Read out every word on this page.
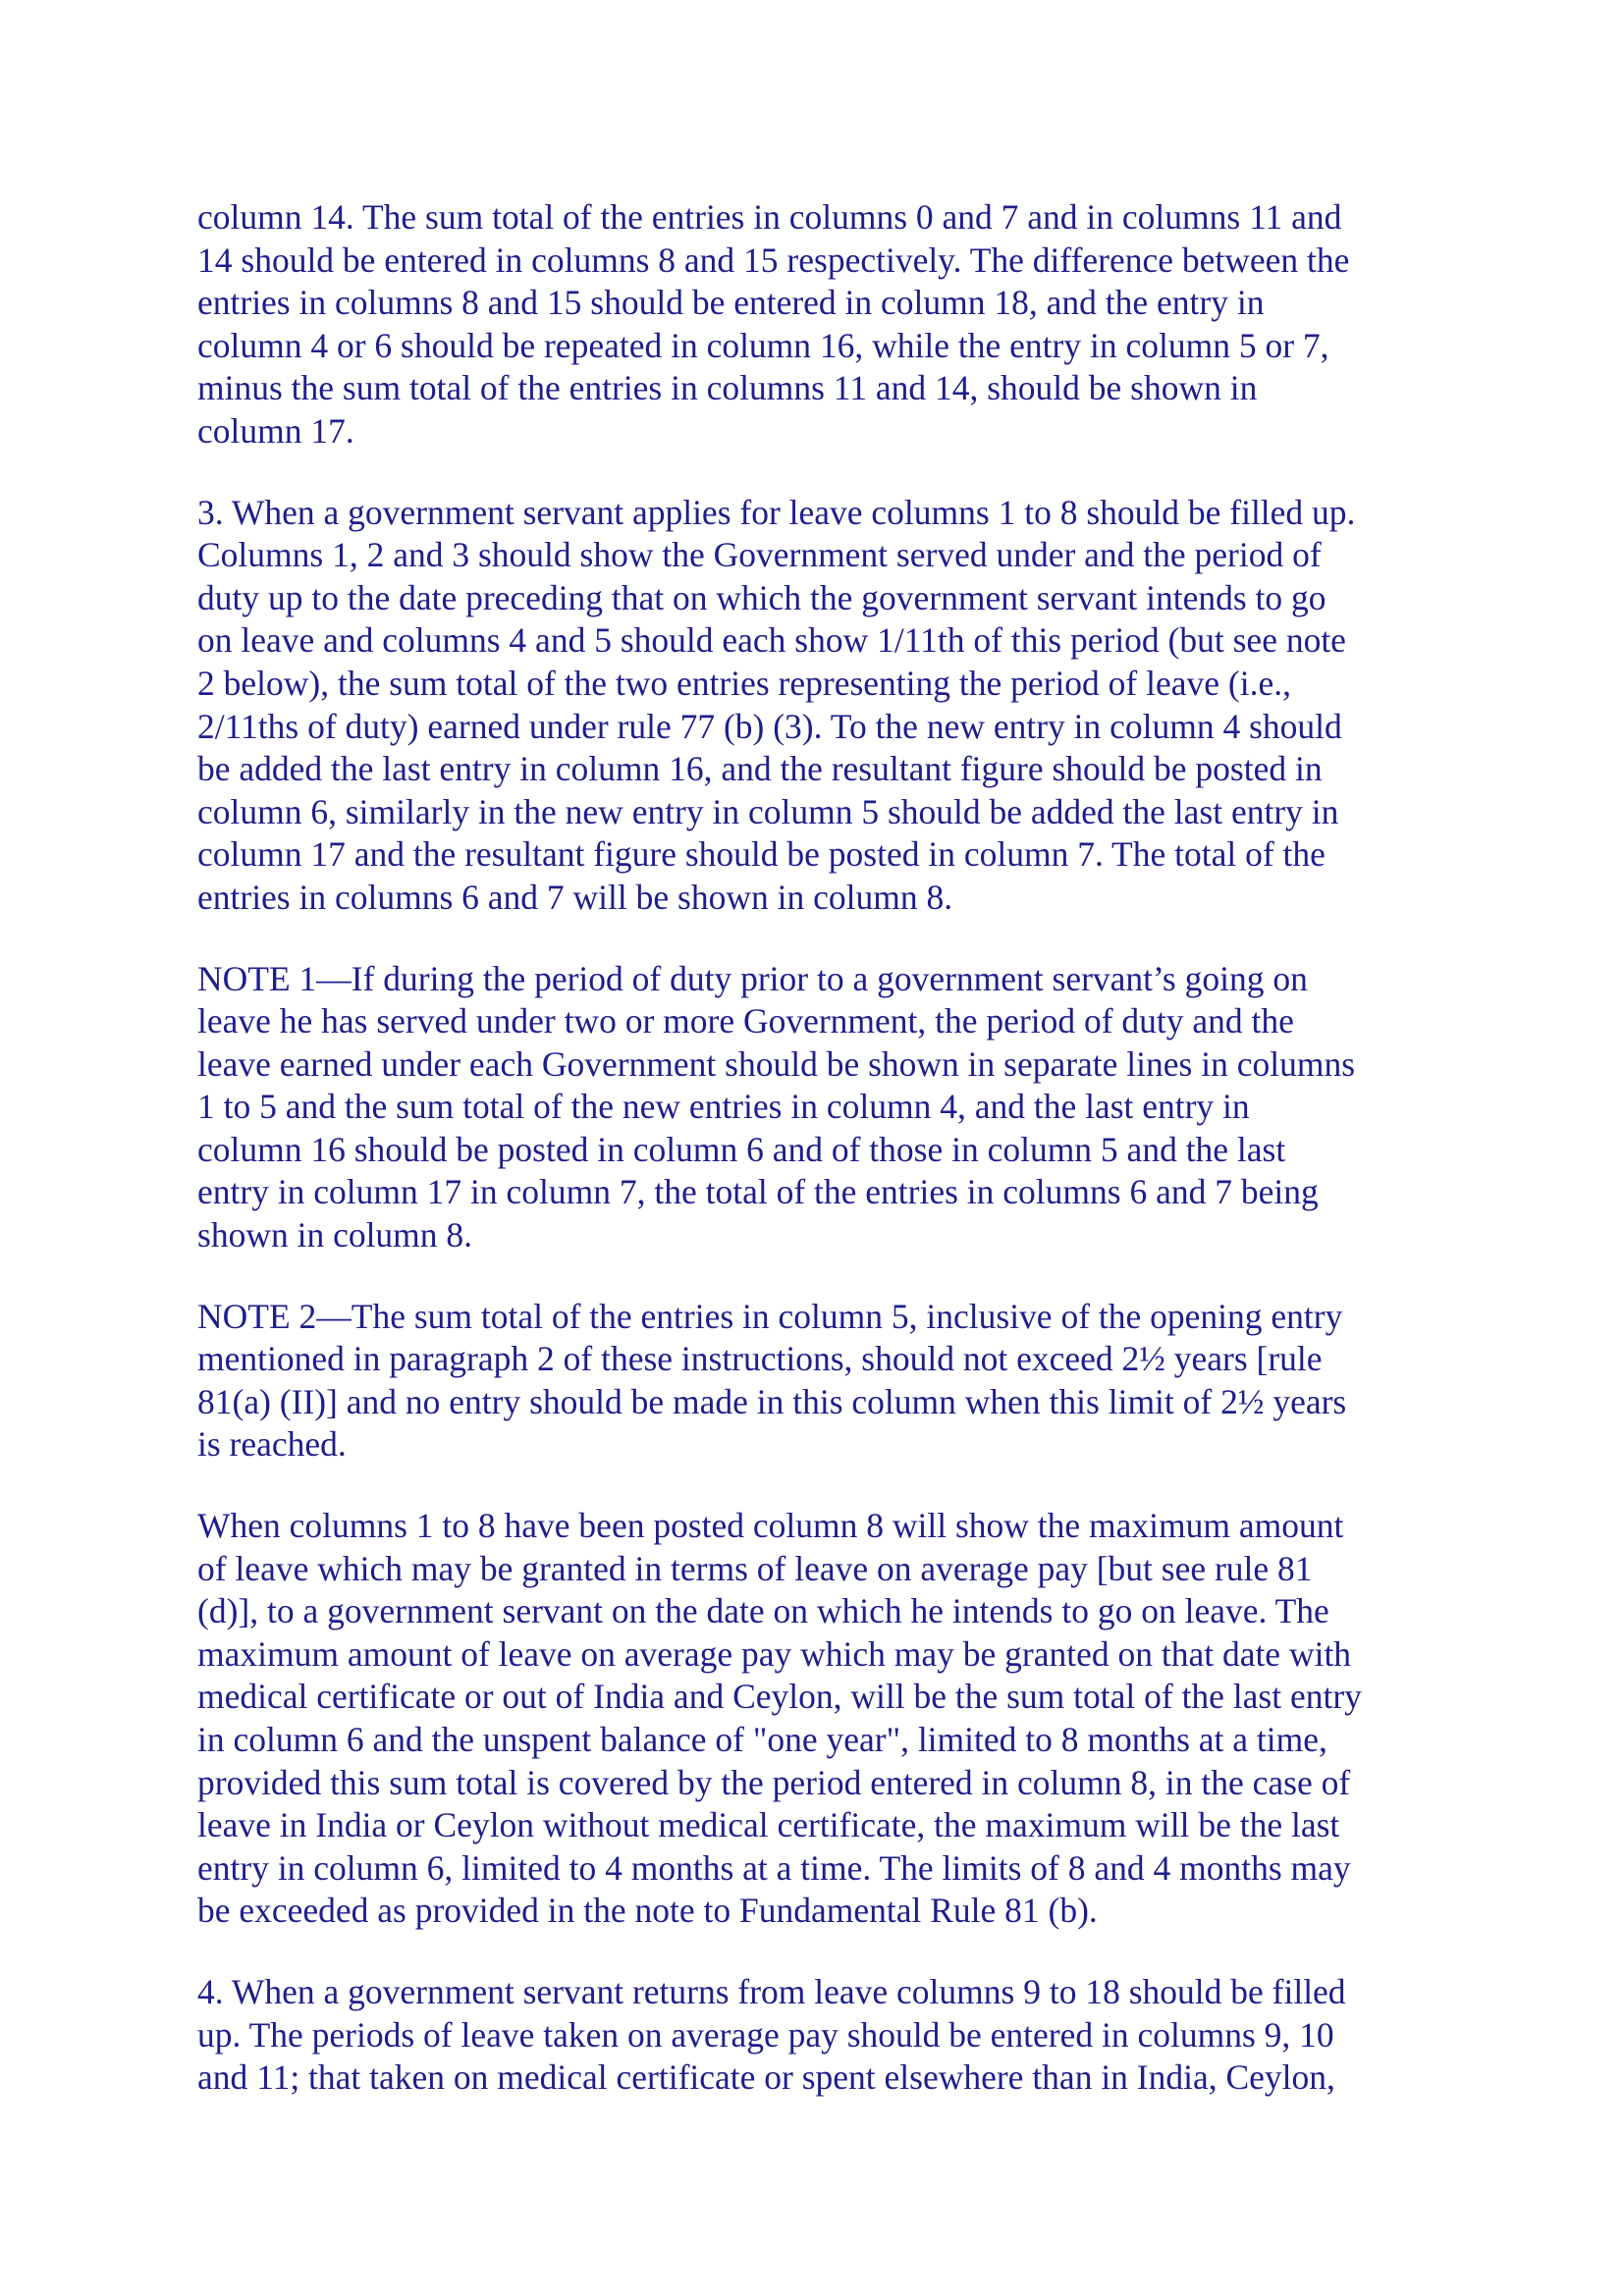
column 14. The sum total of the entries in columns 0 and 7 and in columns 11 and
14 should be entered in columns 8 and 15 respectively. The difference between the
entries in columns 8 and 15 should be entered in column 18, and the entry in
column 4 or 6 should be repeated in column 16, while the entry in column 5 or 7,
minus the sum total of the entries in columns 11 and 14, should be shown in
column 17.

3. When a government servant applies for leave columns 1 to 8 should be filled up.
Columns 1, 2 and 3 should show the Government served under and the period of
duty up to the date preceding that on which the government servant intends to go
on leave and columns 4 and 5 should each show 1/11th of this period (but see note
2 below), the sum total of the two entries representing the period of leave (i.e.,
2/11ths of duty) earned under rule 77 (b) (3). To the new entry in column 4 should
be added the last entry in column 16, and the resultant figure should be posted in
column 6, similarly in the new entry in column 5 should be added the last entry in
column 17 and the resultant figure should be posted in column 7. The total of the
entries in columns 6 and 7 will be shown in column 8.

NOTE 1—If during the period of duty prior to a government servant’s going on
leave he has served under two or more Government, the period of duty and the
leave earned under each Government should be shown in separate lines in columns
1 to 5 and the sum total of the new entries in column 4, and the last entry in
column 16 should be posted in column 6 and of those in column 5 and the last
entry in column 17 in column 7, the total of the entries in columns 6 and 7 being
shown in column 8.

NOTE 2—The sum total of the entries in column 5, inclusive of the opening entry
mentioned in paragraph 2 of these instructions, should not exceed 2½ years [rule
81(a) (II)] and no entry should be made in this column when this limit of 2½ years
is reached.

When columns 1 to 8 have been posted column 8 will show the maximum amount
of leave which may be granted in terms of leave on average pay [but see rule 81
(d)], to a government servant on the date on which he intends to go on leave. The
maximum amount of leave on average pay which may be granted on that date with
medical certificate or out of India and Ceylon, will be the sum total of the last entry
in column 6 and the unspent balance of "one year", limited to 8 months at a time,
provided this sum total is covered by the period entered in column 8, in the case of
leave in India or Ceylon without medical certificate, the maximum will be the last
entry in column 6, limited to 4 months at a time. The limits of 8 and 4 months may
be exceeded as provided in the note to Fundamental Rule 81 (b).

4. When a government servant returns from leave columns 9 to 18 should be filled
up. The periods of leave taken on average pay should be entered in columns 9, 10
and 11; that taken on medical certificate or spent elsewhere than in India, Ceylon,
